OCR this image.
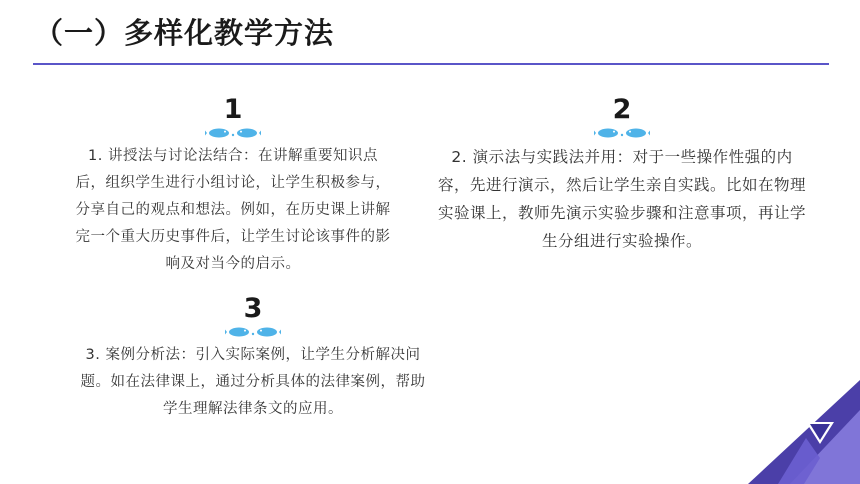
（一）多样化教学方法
1
1. 讲授法与讨论法结合：在讲解重要知识点后，组织学生进行小组讨论，让学生积极参与，分享自己的观点和想法。例如，在历史课上讲解完一个重大历史事件后，让学生讨论该事件的影响及对当今的启示。
2
2. 演示法与实践法并用：对于一些操作性强的内容，先进行演示，然后让学生亲自实践。比如在物理实验课上，教师先演示实验步骤和注意事项，再让学生分组进行实验操作。
3
3. 案例分析法：引入实际案例，让学生分析解决问题。如在法律课上，通过分析具体的法律案例，帮助学生理解法律条文的应用。
